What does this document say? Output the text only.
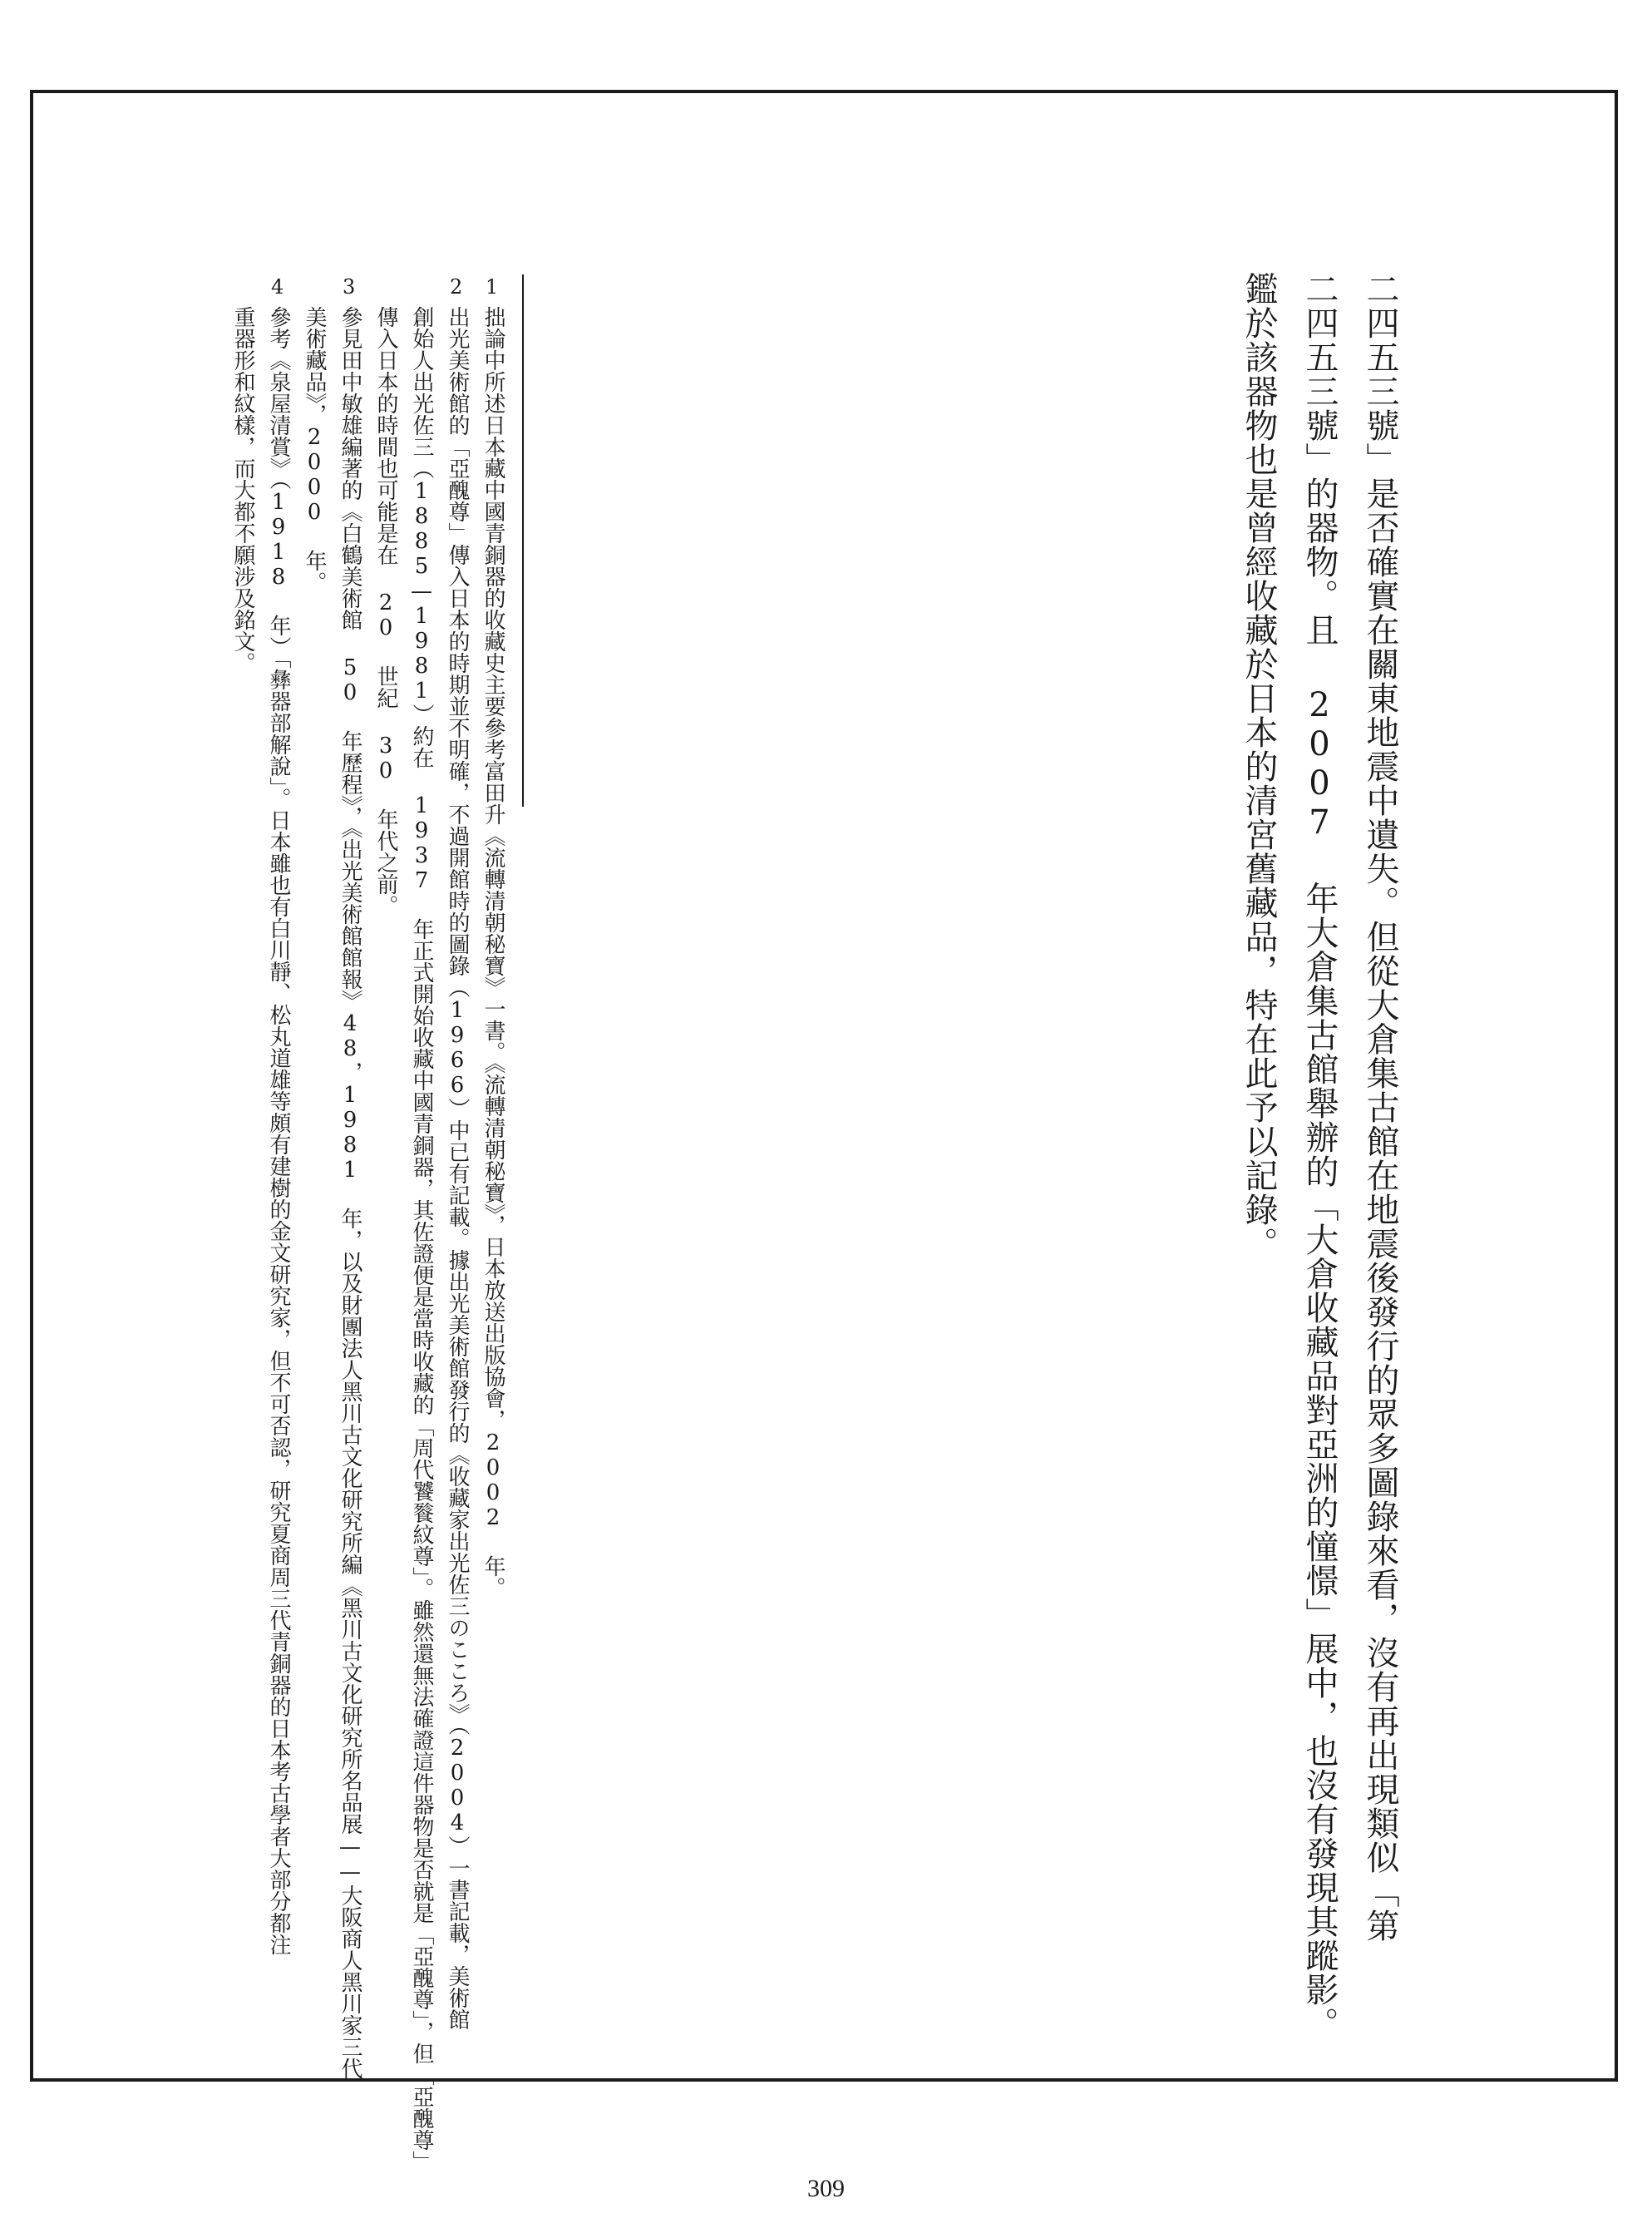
二四五三號」是否確實在關東地震中遺失。但從大倉集古館在地震後發行的眾多圖錄來看，沒有再出現類似「第
二四五三號」的器物。且 2007 年大倉集古館舉辦的「大倉收藏品對亞洲的憧憬」展中，也沒有發現其蹤影。
鑑於該器物也是曾經收藏於日本的清宮舊藏品，特在此予以記錄。
1
拙論中所述日本藏中國青銅器的收藏史主要參考富田升《流轉清朝秘寶》一書。《流轉清朝秘寶》，日本放送出版協會，2002 年。
2
出光美術館的「亞醜尊」傳入日本的時期並不明確，不過開館時的圖錄（1966）中已有記載。據出光美術館發行的《收藏家出光佐三のこころ》（2004）一書記載，美術館
創始人出光佐三（1885—1981）約在 1937 年正式開始收藏中國青銅器，其佐證便是當時收藏的「周代饕餮紋尊」。雖然還無法確證這件器物是否就是「亞醜尊」，但「亞醜尊」
傳入日本的時間也可能是在 20 世紀 30 年代之前。
3
參見田中敏雄編著的《白鶴美術館 50 年歷程》，《出光美術館館報》48，1981 年，以及財團法人黑川古文化研究所編《黑川古文化研究所名品展——大阪商人黑川家三代
美術藏品》，2000 年。
4
參考《泉屋清賞》（1918 年）「彝器部解說」。日本雖也有白川靜、松丸道雄等頗有建樹的金文研究家，但不可否認，研究夏商周三代青銅器的日本考古學者大部分都注
重器形和紋樣，而大都不願涉及銘文。
309
